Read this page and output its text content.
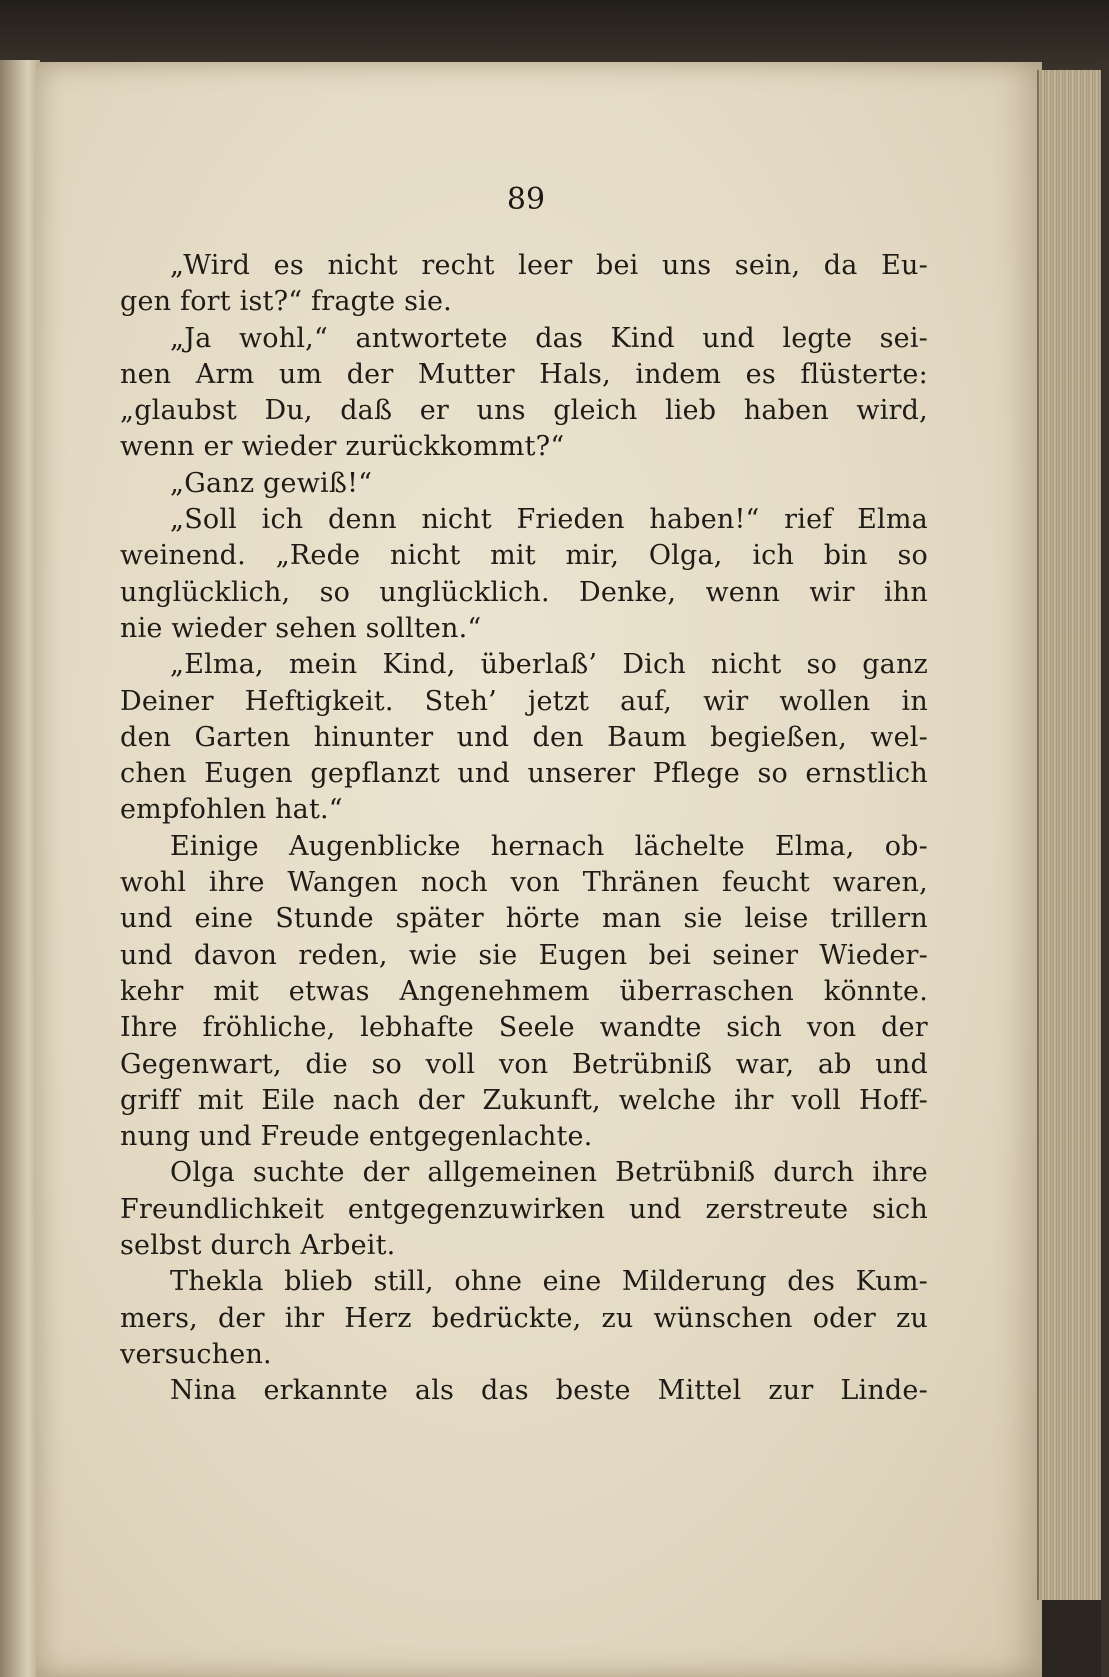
89
„Wird es nicht recht leer bei uns sein, da Eu-
gen fort ist?“ fragte sie.
„Ja wohl,“ antwortete das Kind und legte sei-
nen Arm um der Mutter Hals, indem es flüsterte:
„glaubst Du, daß er uns gleich lieb haben wird,
wenn er wieder zurückkommt?“
„Ganz gewiß!“
„Soll ich denn nicht Frieden haben!“ rief Elma
weinend. „Rede nicht mit mir, Olga, ich bin so
unglücklich, so unglücklich. Denke, wenn wir ihn
nie wieder sehen sollten.“
„Elma, mein Kind, überlaß’ Dich nicht so ganz
Deiner Heftigkeit. Steh’ jetzt auf, wir wollen in
den Garten hinunter und den Baum begießen, wel-
chen Eugen gepflanzt und unserer Pflege so ernstlich
empfohlen hat.“
Einige Augenblicke hernach lächelte Elma, ob-
wohl ihre Wangen noch von Thränen feucht waren,
und eine Stunde später hörte man sie leise trillern
und davon reden, wie sie Eugen bei seiner Wieder-
kehr mit etwas Angenehmem überraschen könnte.
Ihre fröhliche, lebhafte Seele wandte sich von der
Gegenwart, die so voll von Betrübniß war, ab und
griff mit Eile nach der Zukunft, welche ihr voll Hoff-
nung und Freude entgegenlachte.
Olga suchte der allgemeinen Betrübniß durch ihre
Freundlichkeit entgegenzuwirken und zerstreute sich
selbst durch Arbeit.
Thekla blieb still, ohne eine Milderung des Kum-
mers, der ihr Herz bedrückte, zu wünschen oder zu
versuchen.
Nina erkannte als das beste Mittel zur Linde-
